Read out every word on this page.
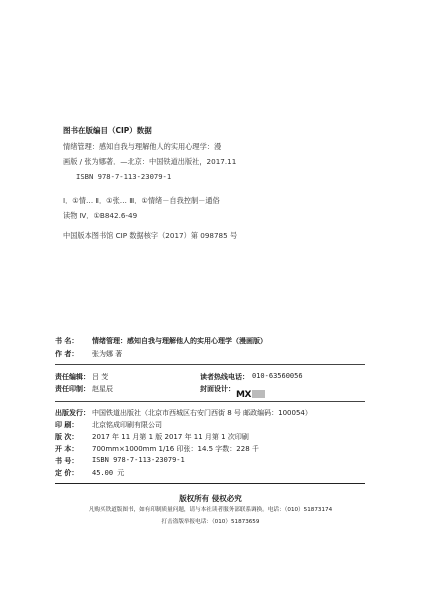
图书在版编目（CIP）数据
情绪管理：感知自我与理解他人的实用心理学：漫
画版 / 张为娜著．—北京：中国铁道出版社，2017.11
ISBN 978-7-113-23079-1
Ⅰ．①情… Ⅱ．①张… Ⅲ．①情绪－自我控制－通俗
读物 Ⅳ．①B842.6-49
中国版本图书馆 CIP 数据核字（2017）第 098785 号
书 名： 情绪管理：感知自我与理解他人的实用心理学（漫画版）
作 者： 张为娜 著
责任编辑： 吕 芠	读者热线电话： 010-63560056
责任印制： 赵星辰	封面设计：
MX
出版发行： 中国铁道出版社（北京市西城区右安门西街 8 号 邮政编码：100054）
印 刷： 北京铭成印刷有限公司
版 次： 2017 年 11 月第 1 版 2017 年 11 月第 1 次印刷
开 本： 700mm×1000mm 1/16 印张：14.5 字数：228 千
书 号： ISBN 978-7-113-23079-1
定 价： 45.00 元
版权所有 侵权必究
凡购买铁道版图书，如有印制质量问题，请与本社读者服务部联系调换。电话：（010）51873174
打击盗版举报电话：（010）51873659
